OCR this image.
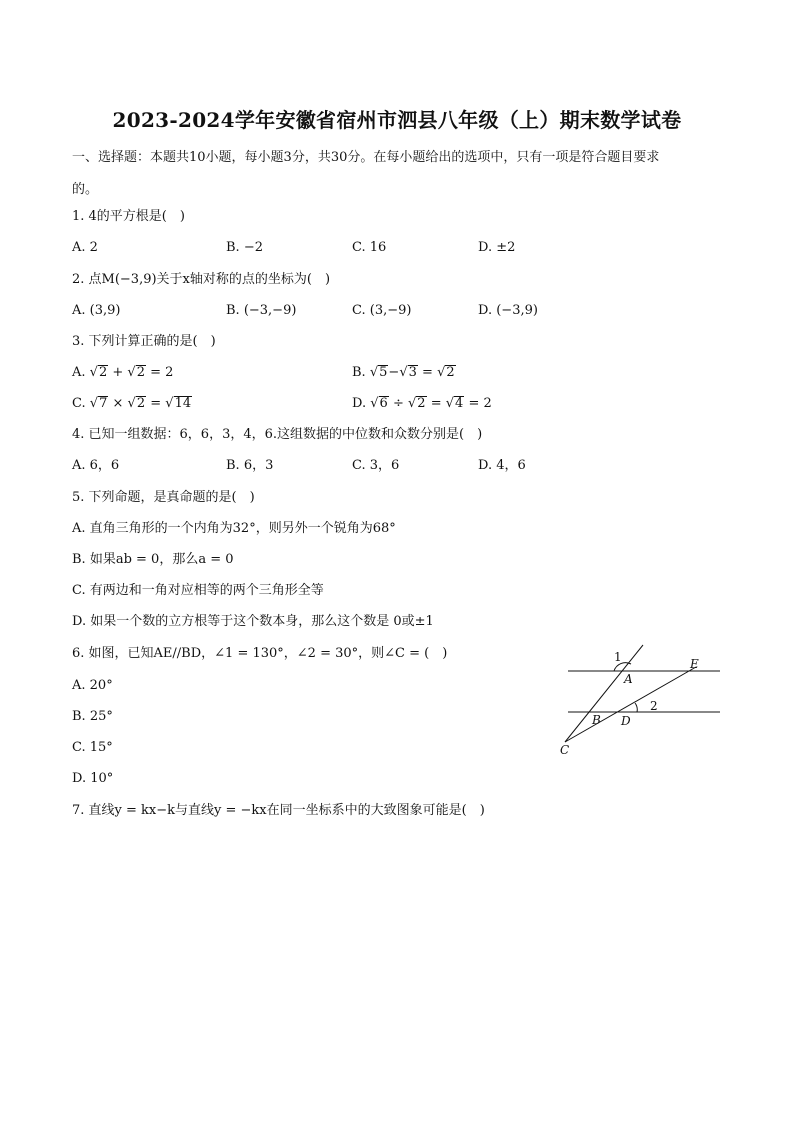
2023-2024学年安徽省宿州市泗县八年级（上）期末数学试卷
一、选择题：本题共10小题，每小题3分，共30分。在每小题给出的选项中，只有一项是符合题目要求
的。
1. 4的平方根是(　)
A. 2	B. −2	C. 16	D. ±2
2. 点M(−3,9)关于x轴对称的点的坐标为(　)
A. (3,9)	B. (−3,−9)	C. (3,−9)	D. (−3,9)
3. 下列计算正确的是(　)
A. √2 + √2 = 2	B. √5−√3 = √2
C. √7 × √2 = √14	D. √6 ÷ √2 = √4 = 2
4. 已知一组数据：6，6，3，4，6.这组数据的中位数和众数分别是(　)
A. 6，6	B. 6，3	C. 3，6	D. 4，6
5. 下列命题，是真命题的是(　)
A. 直角三角形的一个内角为32°，则另外一个锐角为68°
B. 如果ab = 0，那么a = 0
C. 有两边和一角对应相等的两个三角形全等
D. 如果一个数的立方根等于这个数本身，那么这个数是 0或±1
6. 如图，已知AE//BD，∠1 = 130°，∠2 = 30°，则∠C = (　)
A. 20°
B. 25°
C. 15°
D. 10°
1
2
A
B
C
D
E
7. 直线y = kx−k与直线y = −kx在同一坐标系中的大致图象可能是(　)
